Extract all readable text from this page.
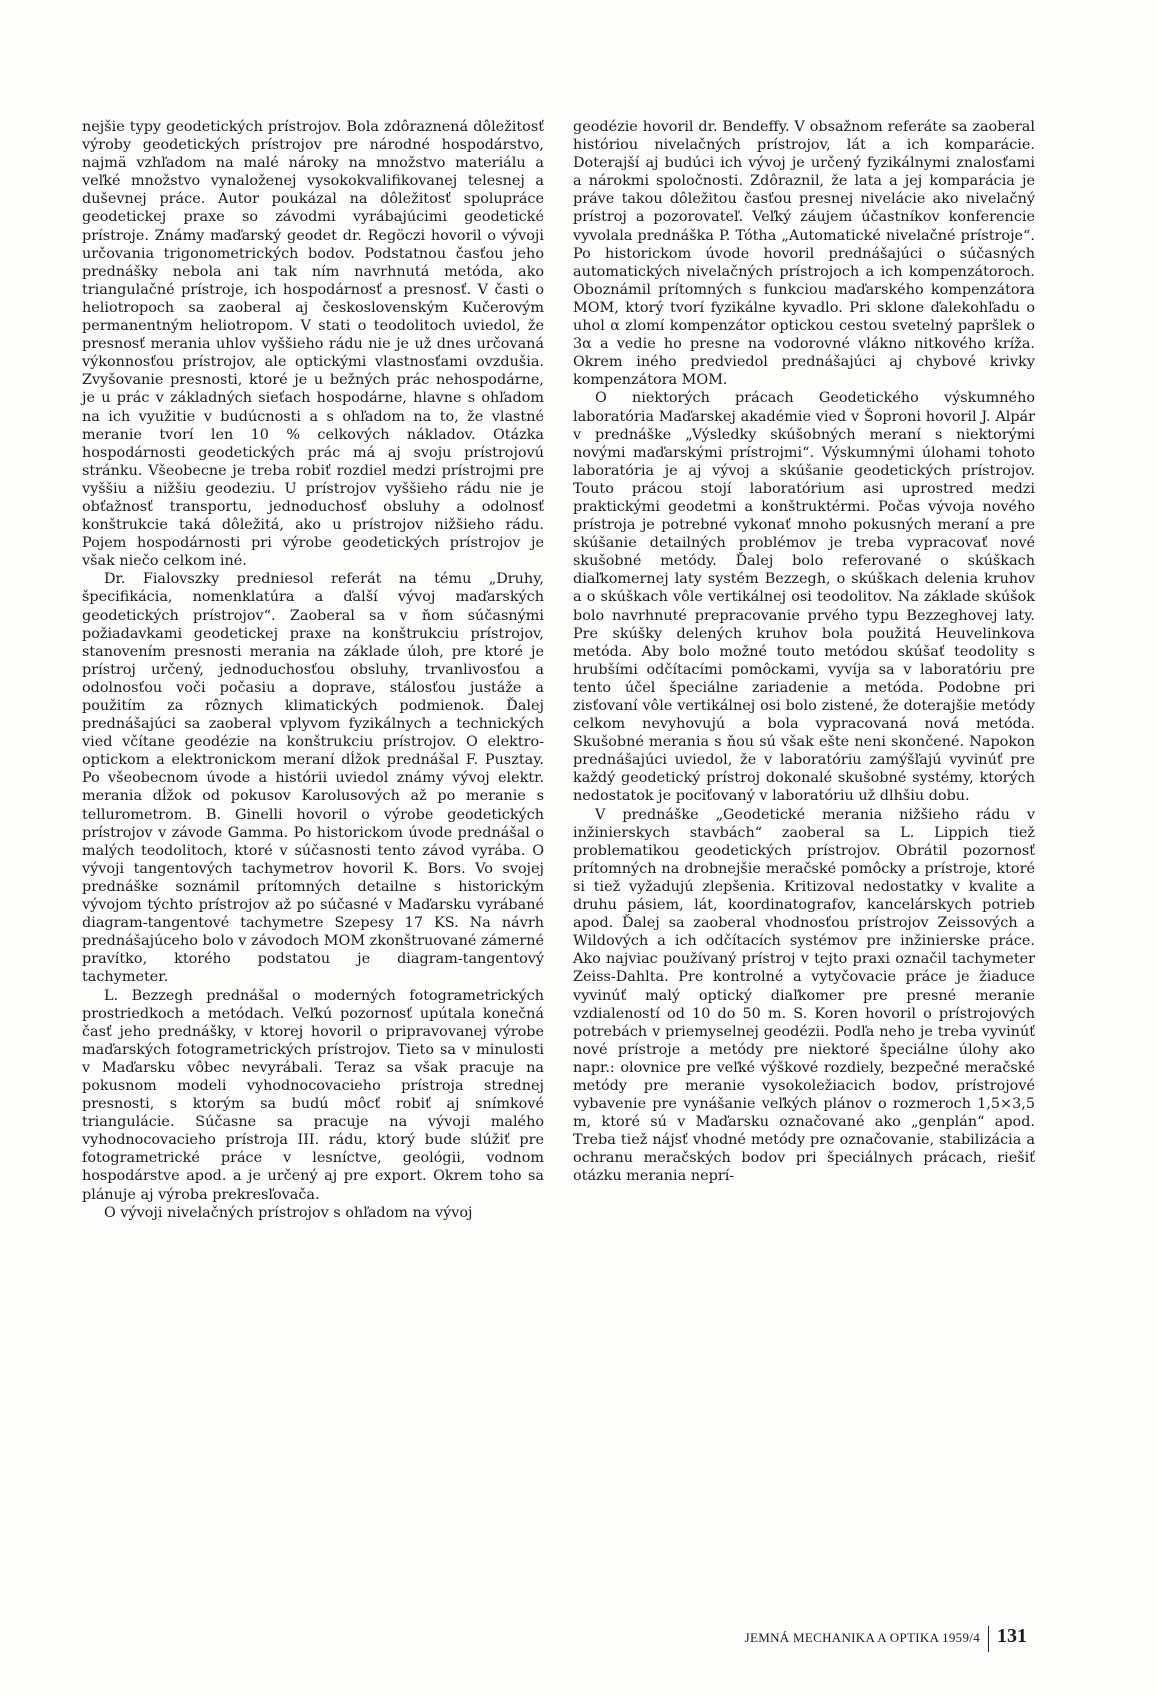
nejšie typy geodetických prístrojov. Bola zdôraznená dôležitosť výroby geodetických prístrojov pre národné hospodárstvo, najmä vzhľadom na malé nároky na množstvo materiálu a veľké množstvo vynaloženej vysokokvalifikovanej telesnej a duševnej práce. Autor poukázal na dôležitosť spolupráce geodetickej praxe so závodmi vyrábajúcimi geodetické prístroje. Známy maďarský geodet dr. Regöczi hovoril o vývoji určovania trigonometrických bodov. Podstatnou časťou jeho prednášky nebola ani tak ním navrhnutá metóda, ako triangulačné prístroje, ich hospodárnosť a presnosť. V časti o heliotropoch sa zaoberal aj československým Kučerovým permanentným heliotropom. V stati o teodolitoch uviedol, že presnosť merania uhlov vyššieho rádu nie je už dnes určovaná výkonnosťou prístrojov, ale optickými vlastnosťami ovzdušia. Zvyšovanie presnosti, ktoré je u bežných prác nehospodárne, je u prác v základných sieťach hospodárne, hlavne s ohľadom na ich využitie v budúcnosti a s ohľadom na to, že vlastné meranie tvorí len 10 % celkových nákladov. Otázka hospodárnosti geodetických prác má aj svoju prístrojovú stránku. Všeobecne je treba robiť rozdiel medzi prístrojmi pre vyššiu a nižšiu geodeziu. U prístrojov vyššieho rádu nie je obťažnosť transportu, jednoduchosť obsluhy a odolnosť konštrukcie taká dôležitá, ako u prístrojov nižšieho rádu. Pojem hospodárnosti pri výrobe geodetických prístrojov je však niečo celkom iné.

Dr. Fialovszky predniesol referát na tému „Druhy, špecifikácia, nomenklatúra a ďalší vývoj maďarských geodetických prístrojov“. Zaoberal sa v ňom súčasnými požiadavkami geodetickej praxe na konštrukciu prístrojov, stanovením presnosti merania na základe úloh, pre ktoré je prístroj určený, jednoduchosťou obsluhy, trvanlivosťou a odolnosťou voči počasiu a doprave, stálosťou justáže a použitím za rôznych klimatických podmienok. Ďalej prednášajúci sa zaoberal vplyvom fyzikálnych a technických vied včítane geodézie na konštrukciu prístrojov. O elektro-optickom a elektronickom meraní dĺžok prednášal F. Pusztay. Po všeobecnom úvode a histórii uviedol známy vývoj elektr. merania dĺžok od pokusov Karolusových až po meranie s tellurometrom. B. Ginelli hovoril o výrobe geodetických prístrojov v závode Gamma. Po historickom úvode prednášal o malých teodolitoch, ktoré v súčasnosti tento závod vyrába. O vývoji tangentových tachymetrov hovoril K. Bors. Vo svojej prednáške soznámil prítomných detailne s historickým vývojom týchto prístrojov až po súčasné v Maďarsku vyrábané diagram-tangentové tachymetre Szepesy 17 KS. Na návrh prednášajúceho bolo v závodoch MOM zkonštruované zámerné pravítko, ktorého podstatou je diagram-tangentový tachymeter.

L. Bezzegh prednášal o moderných fotogrametrických prostriedkoch a metódach. Veľkú pozornosť upútala konečná časť jeho prednášky, v ktorej hovoril o pripravovanej výrobe maďarských fotogrametrických prístrojov. Tieto sa v minulosti v Maďarsku vôbec nevyrábali. Teraz sa však pracuje na pokusnom modeli vyhodnocovacieho prístroja strednej presnosti, s ktorým sa budú môcť robiť aj snímkové triangulácie. Súčasne sa pracuje na vývoji malého vyhodnocovacieho prístroja III. rádu, ktorý bude slúžiť pre fotogrametrické práce v lesníctve, geológii, vodnom hospodárstve apod. a je určený aj pre export. Okrem toho sa plánuje aj výroba prekresľovača.

O vývoji nivelačných prístrojov s ohľadom na vývoj

geodézie hovoril dr. Bendeffy. V obsažnom referáte sa zaoberal históriou nivelačných prístrojov, lát a ich komparácie. Doterajší aj budúci ich vývoj je určený fyzikálnymi znalosťami a nárokmi spoločnosti. Zdôraznil, že lata a jej komparácia je práve takou dôležitou časťou presnej nivelácie ako nivelačný prístroj a pozorovateľ. Veľký záujem účastníkov konferencie vyvolala prednáška P. Tótha „Automatické nivelačné prístroje“. Po historickom úvode hovoril prednášajúci o súčasných automatických nivelačných prístrojoch a ich kompenzátoroch. Oboznámil prítomných s funkciou maďarského kompenzátora MOM, ktorý tvorí fyzikálne kyvadlo. Pri sklone ďalekohľadu o uhol α zlomí kompenzátor optickou cestou svetelný papršlek o 3α a vedie ho presne na vodorovné vlákno nitkového kríža. Okrem iného predviedol prednášajúci aj chybové krivky kompenzátora MOM.

O niektorých prácach Geodetického výskumného laboratória Maďarskej akadémie vied v Šoproni hovoril J. Alpár v prednáške „Výsledky skúšobných meraní s niektorými novými maďarskými prístrojmi“. Výskumnými úlohami tohoto laboratória je aj vývoj a skúšanie geodetických prístrojov. Touto prácou stojí laboratórium asi uprostred medzi praktickými geodetmi a konštruktérmi. Počas vývoja nového prístroja je potrebné vykonať mnoho pokusných meraní a pre skúšanie detailných problémov je treba vypracovať nové skušobné metódy. Ďalej bolo referované o skúškach diaľkomernej laty systém Bezzegh, o skúškach delenia kruhov a o skúškach vôle vertikálnej osi teodolitov. Na základe skúšok bolo navrhnuté prepracovanie prvého typu Bezzeghovej laty. Pre skúšky delených kruhov bola použitá Heuvelinkova metóda. Aby bolo možné touto metódou skúšať teodolity s hrubšími odčítacími pomôckami, vyvíja sa v laboratóriu pre tento účel špeciálne zariadenie a metóda. Podobne pri zisťovaní vôle vertikálnej osi bolo zistené, že doterajšie metódy celkom nevyhovujú a bola vypracovaná nová metóda. Skušobné merania s ňou sú však ešte neni skončené. Napokon prednášajúci uviedol, že v laboratóriu zamýšľajú vyvinúť pre každý geodetický prístroj dokonalé skušobné systémy, ktorých nedostatok je pociťovaný v laboratóriu už dlhšiu dobu.

V prednáške „Geodetické merania nižšieho rádu v inžinierskych stavbách“ zaoberal sa L. Lippich tiež problematikou geodetických prístrojov. Obrátil pozornosť prítomných na drobnejšie meračské pomôcky a prístroje, ktoré si tiež vyžadujú zlepšenia. Kritizoval nedostatky v kvalite a druhu pásiem, lát, koordinatografov, kancelárskych potrieb apod. Ďalej sa zaoberal vhodnosťou prístrojov Zeissových a Wildových a ich odčítacích systémov pre inžinierske práce. Ako najviac používaný prístroj v tejto praxi označil tachymeter Zeiss-Dahlta. Pre kontrolné a vytyčovacie práce je žiaduce vyvinúť malý optický diaľkomer pre presné meranie vzdialeností od 10 do 50 m. S. Koren hovoril o prístrojových potrebách v priemyselnej geodézii. Podľa neho je treba vyvinúť nové prístroje a metódy pre niektoré špeciálne úlohy ako napr.: olovnice pre veľké výškové rozdiely, bezpečné meračské metódy pre meranie vysokoležiacich bodov, prístrojové vybavenie pre vynášanie veľkých plánov o rozmeroch 1,5×3,5 m, ktoré sú v Maďarsku označované ako „genplán“ apod. Treba tiež nájsť vhodné metódy pre označovanie, stabilizácia a ochranu meračských bodov pri špeciálnych prácach, riešiť otázku merania neprí-

JEMNÁ MECHANIKA A OPTIKA 1959/4 131
